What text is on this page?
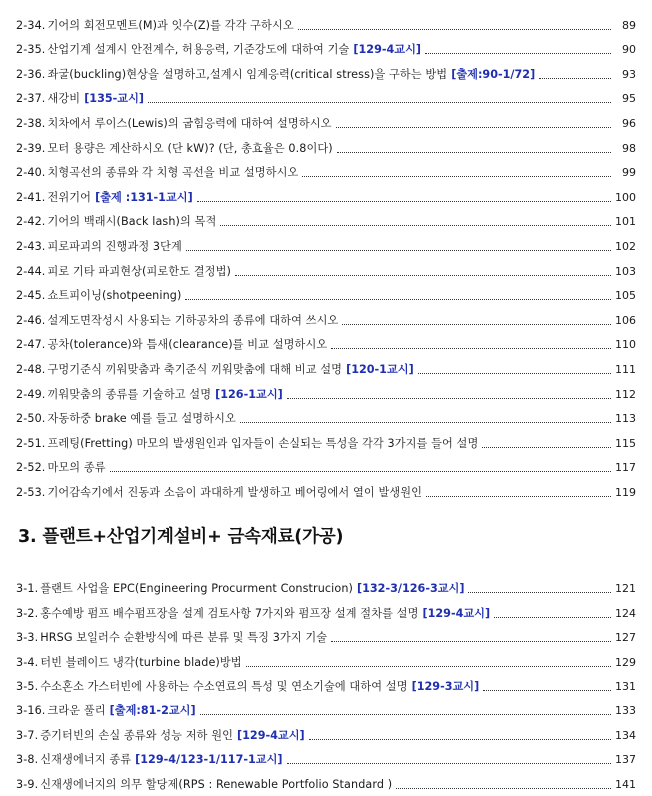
2-34. 기어의 회전모멘트(M)과 잇수(Z)를 각각 구하시오	89
2-35. 산업기계 설계시 안전계수, 허용응력, 기준강도에 대하여 기술 [129-4교시]	90
2-36. 좌굴(buckling)현상을 설명하고,설계시 임계응력(critical stress)을 구하는 방법 [출제:90-1/72]	93
2-37. 새강비 [135-교시]	95
2-38. 치차에서 루이스(Lewis)의 굽힘응력에 대하여 설명하시오	96
2-39. 모터 용량은 계산하시오 (단 kW)? (단, 총효율은 0.8이다)	98
2-40. 치형곡선의 종류와 각 치형 곡선을 비교 설명하시오	99
2-41. 전위기어 [출제 :131-1교시]	100
2-42. 기어의 백래시(Back lash)의 목적	101
2-43. 피로파괴의 진행과정 3단계	102
2-44. 피로 기타 파괴현상(피로한도 결정법)	103
2-45. 쇼트피이닝(shotpeening)	105
2-46. 설계도면작성시 사용되는 기하공차의 종류에 대하여 쓰시오	106
2-47. 공차(tolerance)와 틈새(clearance)를 비교 설명하시오	110
2-48. 구멍기준식 끼워맞춤과 축기준식 끼워맞춤에 대해 비교 설명 [120-1교시]	111
2-49. 끼워맞춤의 종류를 기술하고 설명 [126-1교시]	112
2-50. 자동하중 brake 예를 들고 설명하시오	113
2-51. 프레팅(Fretting) 마모의 발생원인과 입자들이 손실되는 특성을 각각 3가지를 들어 설명	115
2-52. 마모의 종류	117
2-53. 기어감속기에서 진동과 소음이 과대하게 발생하고 베어링에서 열이 발생원인	119
3. 플랜트+산업기계설비+ 금속재료(가공)
3-1. 플랜트 사업을 EPC(Engineering Procurment Construcion) [132-3/126-3교시]	121
3-2. 홍수예방 펌프 배수펌프장을 설계 검토사항 7가지와 펌프장 설계 절차를 설명 [129-4교시]	124
3-3. HRSG 보일러수 순환방식에 따른 분류 및 특징 3가지 기술	127
3-4. 터빈 블레이드 냉각(turbine blade)방법	129
3-5. 수소혼소 가스터빈에 사용하는 수소연료의 특성 및 연소기술에 대하여 설명 [129-3교시]	131
3-16. 크라운 풀리 [출제:81-2교시]	133
3-7. 증기터빈의 손실 종류와 성능 저하 원인 [129-4교시]	134
3-8. 신재생에너지 종류 [129-4/123-1/117-1교시]	137
3-9. 신재생에너지의 의무 할당제(RPS : Renewable Portfolio Standard )	141
